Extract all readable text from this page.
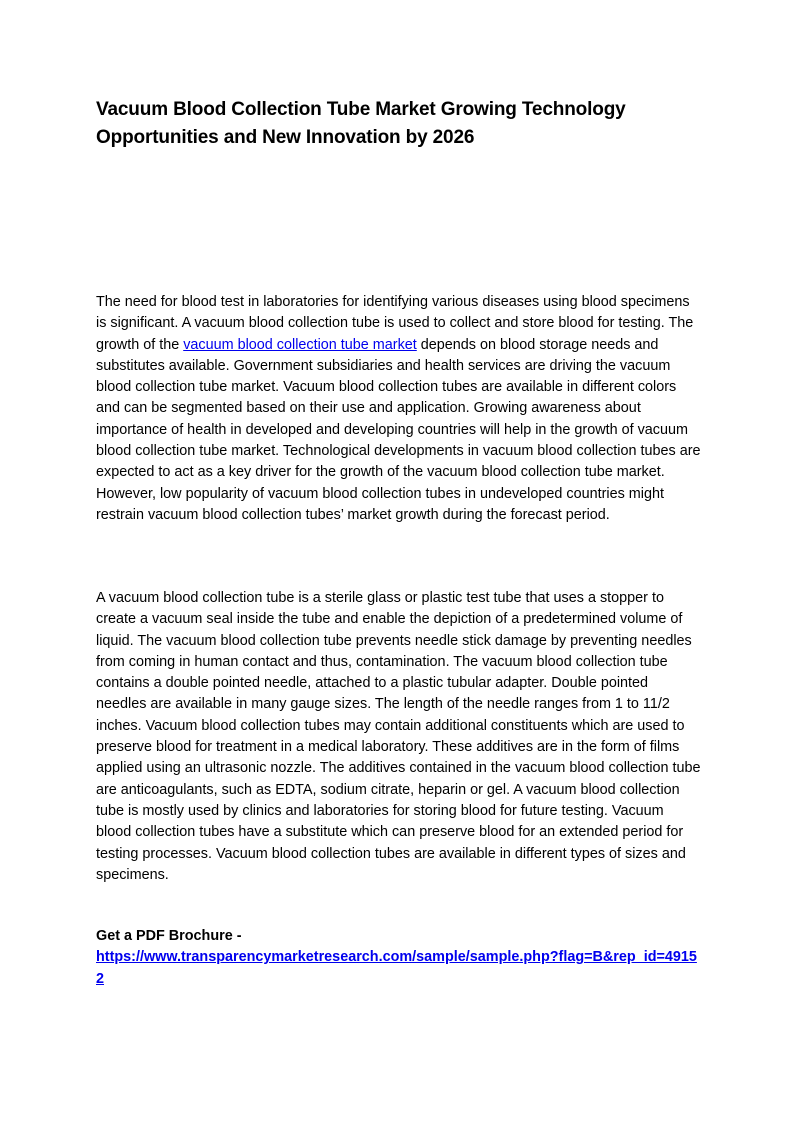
Vacuum Blood Collection Tube Market Growing Technology Opportunities and New Innovation by 2026

The need for blood test in laboratories for identifying various diseases using blood specimens is significant. A vacuum blood collection tube is used to collect and store blood for testing. The growth of the vacuum blood collection tube market depends on blood storage needs and substitutes available. Government subsidiaries and health services are driving the vacuum blood collection tube market. Vacuum blood collection tubes are available in different colors and can be segmented based on their use and application. Growing awareness about importance of health in developed and developing countries will help in the growth of vacuum blood collection tube market. Technological developments in vacuum blood collection tubes are expected to act as a key driver for the growth of the vacuum blood collection tube market. However, low popularity of vacuum blood collection tubes in undeveloped countries might restrain vacuum blood collection tubes’ market growth during the forecast period.

A vacuum blood collection tube is a sterile glass or plastic test tube that uses a stopper to create a vacuum seal inside the tube and enable the depiction of a predetermined volume of liquid. The vacuum blood collection tube prevents needle stick damage by preventing needles from coming in human contact and thus, contamination. The vacuum blood collection tube contains a double pointed needle, attached to a plastic tubular adapter. Double pointed needles are available in many gauge sizes. The length of the needle ranges from 1 to 11/2 inches. Vacuum blood collection tubes may contain additional constituents which are used to preserve blood for treatment in a medical laboratory. These additives are in the form of films applied using an ultrasonic nozzle. The additives contained in the vacuum blood collection tube are anticoagulants, such as EDTA, sodium citrate, heparin or gel. A vacuum blood collection tube is mostly used by clinics and laboratories for storing blood for future testing. Vacuum blood collection tubes have a substitute which can preserve blood for an extended period for testing processes. Vacuum blood collection tubes are available in different types of sizes and specimens.

Get a PDF Brochure -
https://www.transparencymarketresearch.com/sample/sample.php?flag=B&rep_id=49152
